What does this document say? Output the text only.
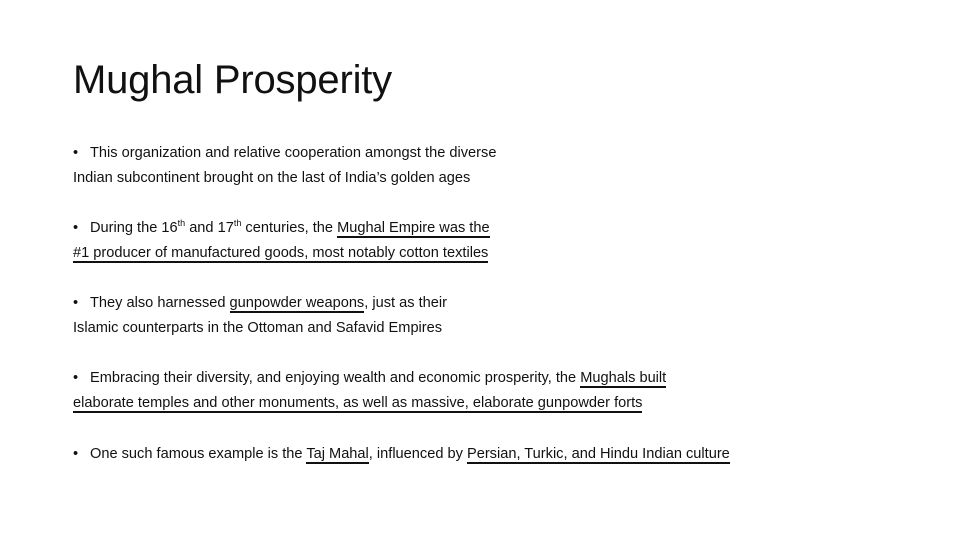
Mughal Prosperity
• This organization and relative cooperation amongst the diverse
Indian subcontinent brought on the last of India’s golden ages
• During the 16th and 17th centuries, the Mughal Empire was the
#1 producer of manufactured goods, most notably cotton textiles
• They also harnessed gunpowder weapons, just as their
Islamic counterparts in the Ottoman and Safavid Empires
• Embracing their diversity, and enjoying wealth and economic prosperity, the Mughals built
elaborate temples and other monuments, as well as massive, elaborate gunpowder forts
• One such famous example is the Taj Mahal, influenced by Persian, Turkic, and Hindu Indian culture
